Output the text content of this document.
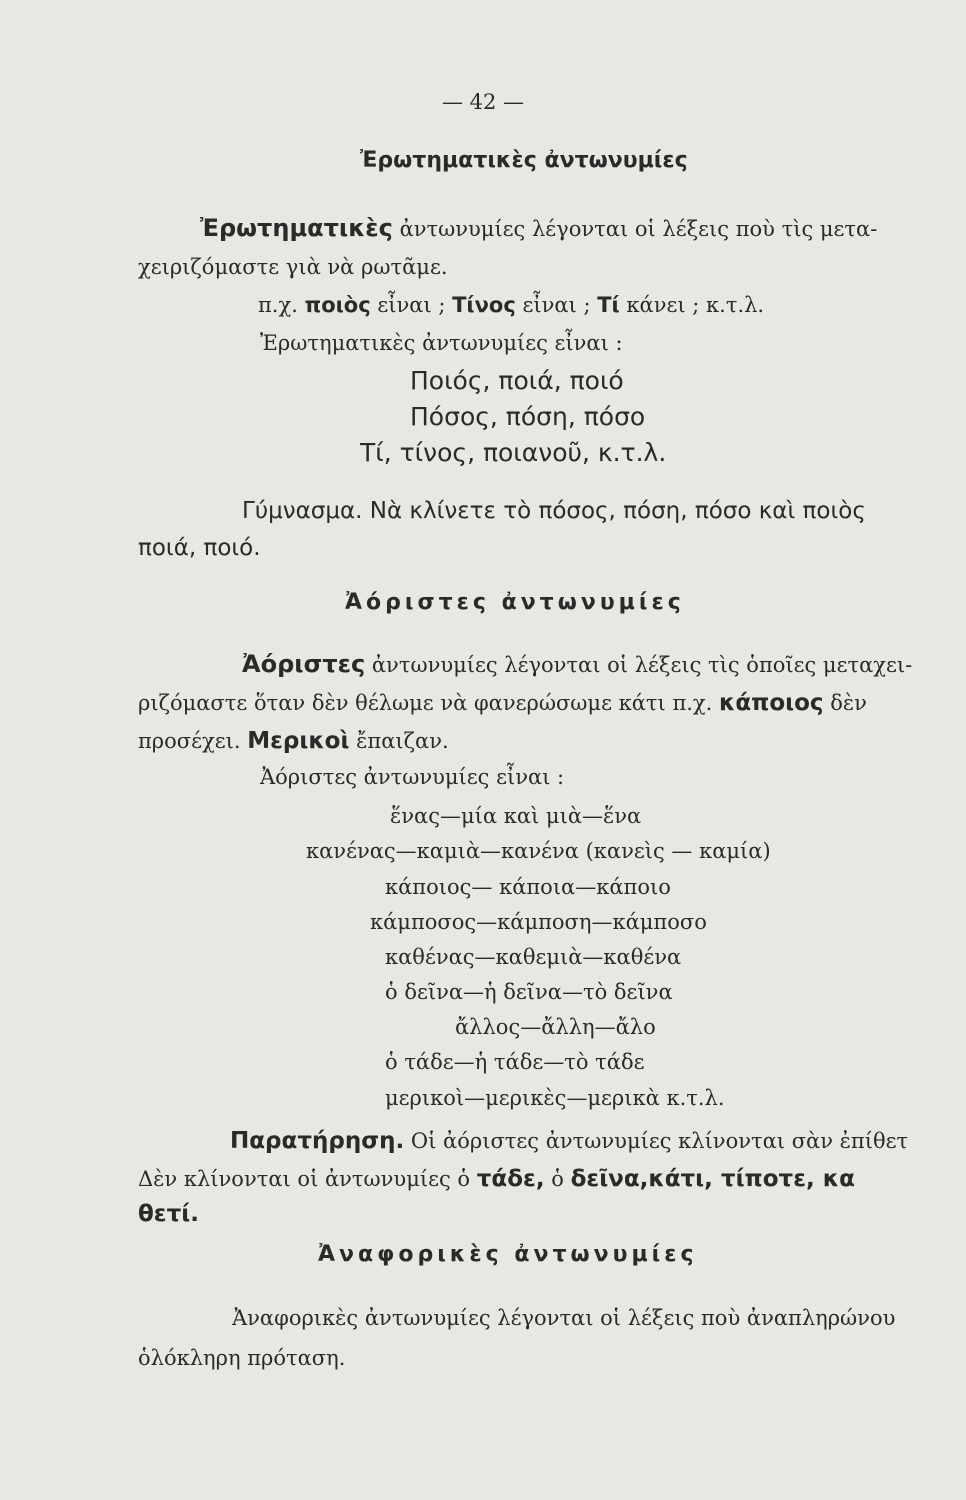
— 42 —
Ἐρωτηματικὲς ἀντωνυμίες
Ἐρωτηματικὲς ἀντωνυμίες λέγονται οἱ λέξεις ποὺ τὶς μετα-
χειριζόμαστε γιὰ νὰ ρωτᾶμε.
π.χ. ποιὸς εἶναι ; Τίνος εἶναι ; Τί κάνει ; κ.τ.λ.
Ἐρωτηματικὲς ἀντωνυμίες εἶναι :
Ποιός, ποιά, ποιό
Πόσος, πόση, πόσο
Τί, τίνος, ποιανοῦ, κ.τ.λ.
Γύμνασμα. Νὰ κλίνετε τὸ πόσος, πόση, πόσο καὶ ποιὸς
ποιά, ποιό.
Ἀόριστες ἀντωνυμίες
Ἀόριστες ἀντωνυμίες λέγονται οἱ λέξεις τὶς ὁποῖες μεταχει-
ριζόμαστε ὅταν δὲν θέλωμε νὰ φανερώσωμε κάτι π.χ. κάποιος δὲν
προσέχει. Μερικοὶ ἔπαιζαν.
Ἀόριστες ἀντωνυμίες εἶναι :
ἕνας—μία καὶ μιὰ—ἕνα
κανένας—καμιὰ—κανένα (κανεὶς — καμία)
κάποιος— κάποια—κάποιο
κάμποσος—κάμποση—κάμποσο
καθένας—καθεμιὰ—καθένα
ὁ δεῖνα—ἡ δεῖνα—τὸ δεῖνα
ἄλλος—ἄλλη—ἄλο
ὁ τάδε—ἡ τάδε—τὸ τάδε
μερικοὶ—μερικὲς—μερικὰ κ.τ.λ.
Παρατήρηση. Οἱ ἀόριστες ἀντωνυμίες κλίνονται σὰν ἐπίθετ
Δὲν κλίνονται οἱ ἀντωνυμίες ὁ τάδε, ὁ δεῖνα,κάτι, τίποτε, κα
θετί.
Ἀναφορικὲς ἀντωνυμίες
Ἀναφορικὲς ἀντωνυμίες λέγονται οἱ λέξεις ποὺ ἀναπληρώνου
ὁλόκληρη πρόταση.
